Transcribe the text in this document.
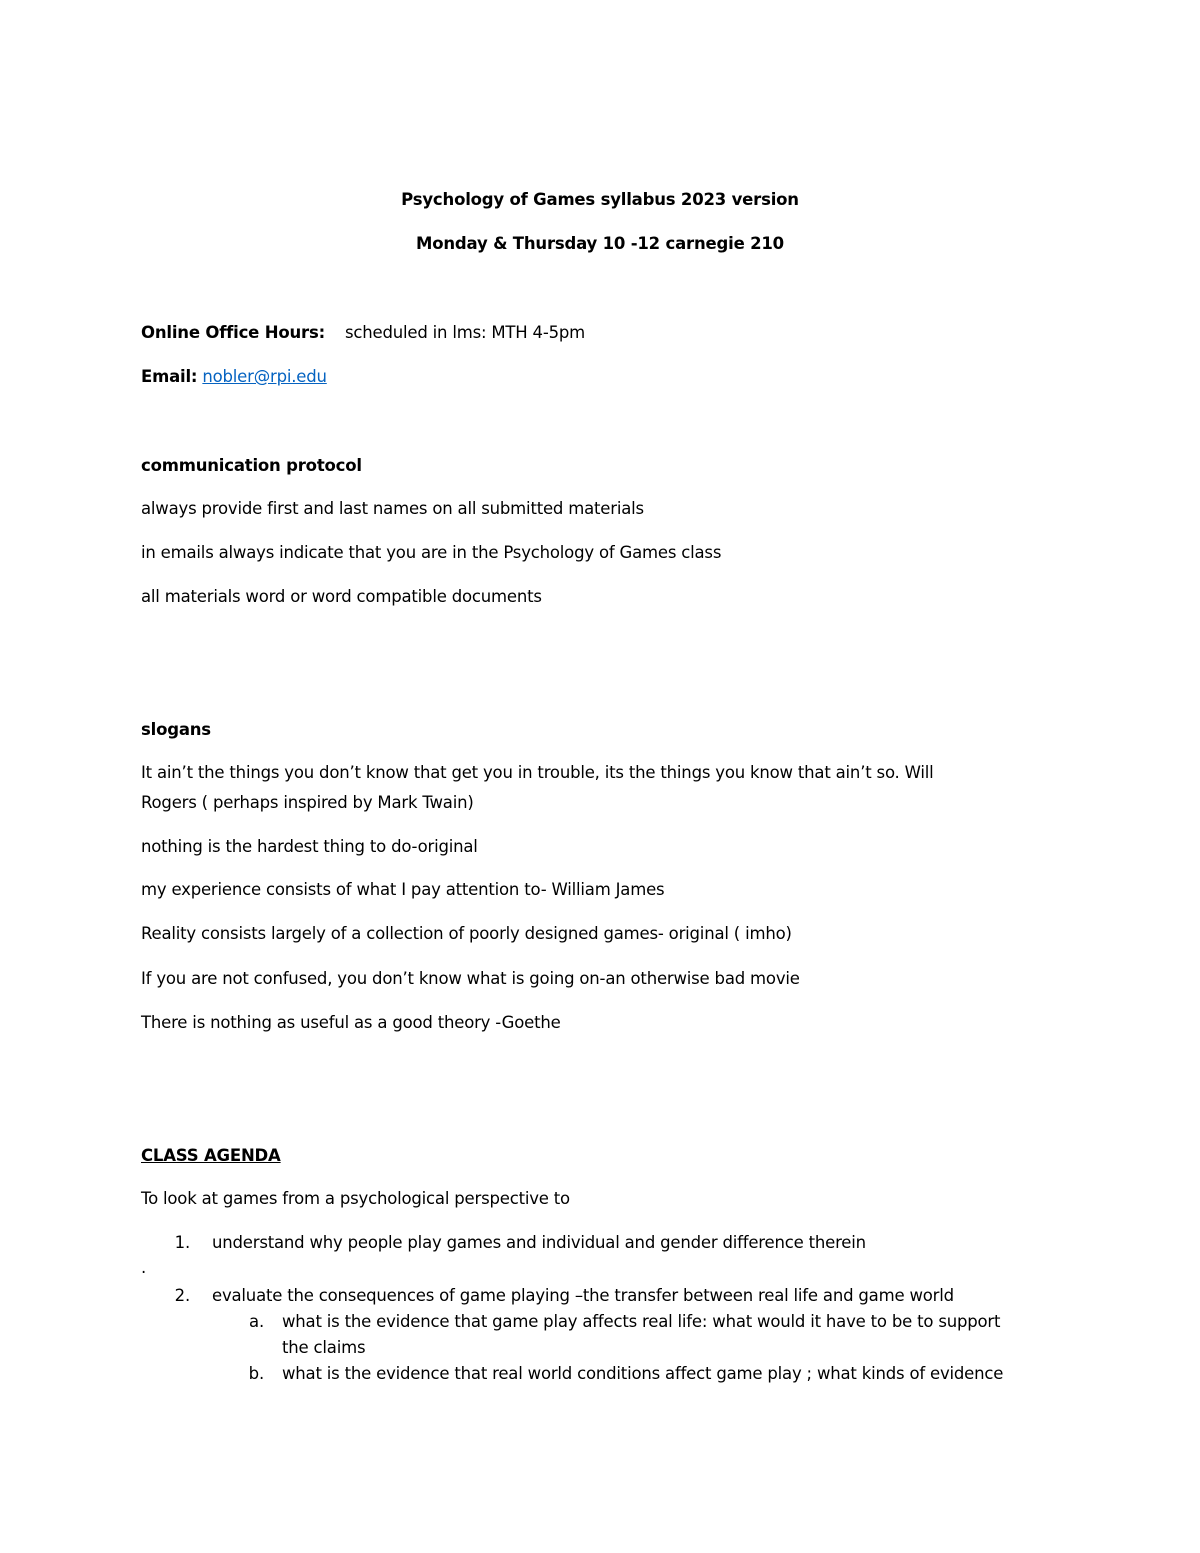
Psychology of Games syllabus 2023 version
Monday & Thursday 10 -12 carnegie 210
Online Office Hours: scheduled in lms: MTH 4-5pm
Email: nobler@rpi.edu
communication protocol
always provide first and last names on all submitted materials
in emails always indicate that you are in the Psychology of Games class
all materials word or word compatible documents
slogans
It ain’t the things you don’t know that get you in trouble, its the things you know that ain’t so. Will
Rogers ( perhaps inspired by Mark Twain)
nothing is the hardest thing to do-original
my experience consists of what I pay attention to- William James
Reality consists largely of a collection of poorly designed games- original ( imho)
If you are not confused, you don’t know what is going on-an otherwise bad movie
There is nothing as useful as a good theory -Goethe
CLASS AGENDA
To look at games from a psychological perspective to
1. understand why people play games and individual and gender difference therein
·
2. evaluate the consequences of game playing –the transfer between real life and game world
a. what is the evidence that game play affects real life: what would it have to be to support
the claims
b. what is the evidence that real world conditions affect game play ; what kinds of evidence
